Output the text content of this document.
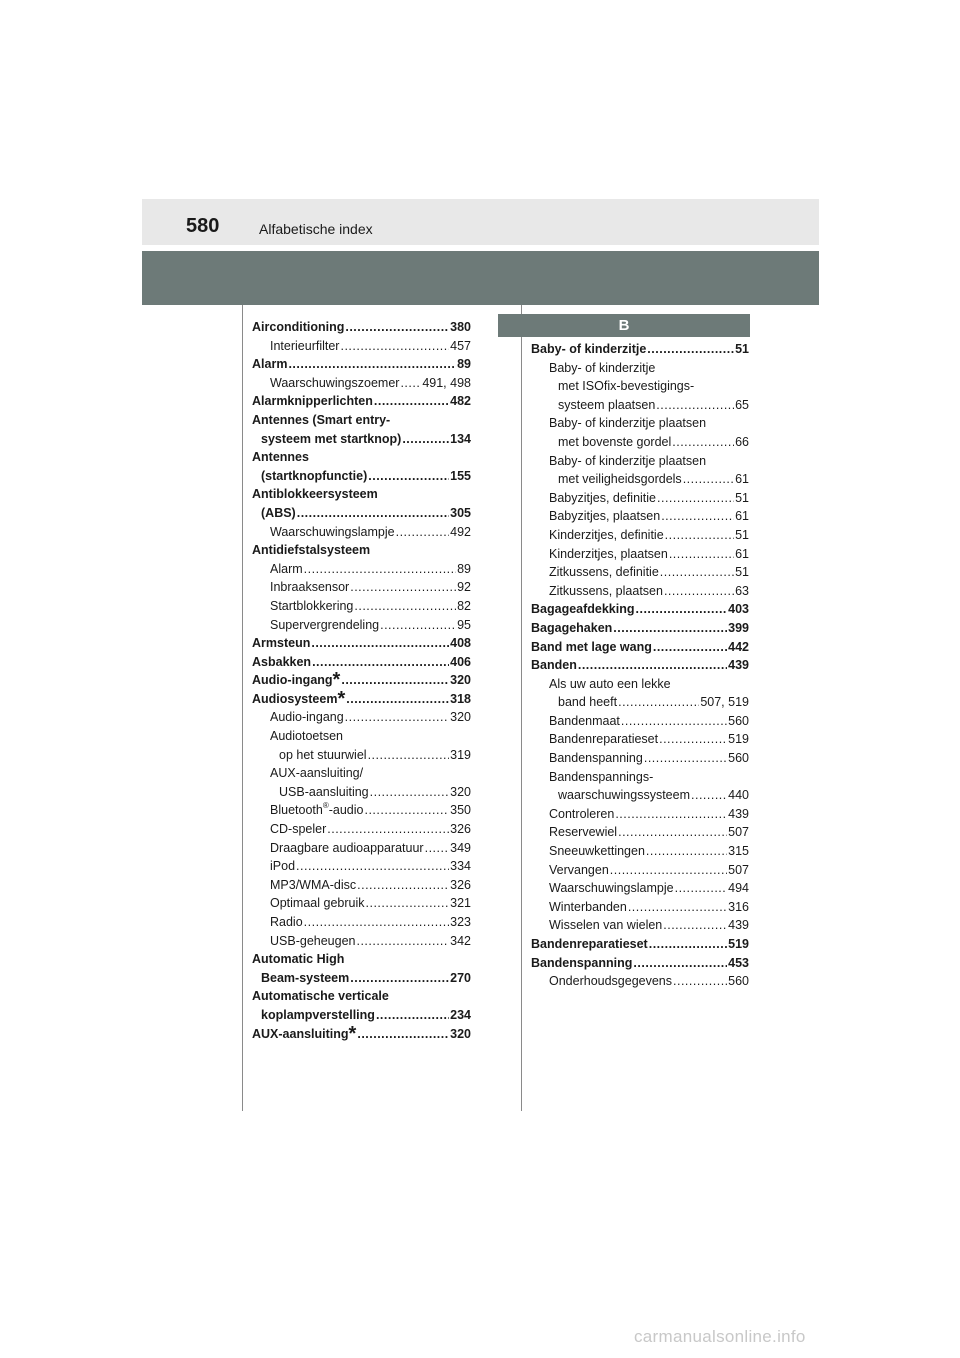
580	Alfabetische index
Airconditioning .....	380
Interieurfilter .....	457
Alarm .....	89
Waarschuwingszoemer ..... 491, 498
Alarmknipperlichten .....	482
Antennes (Smart entry-
systeem met startknop) .....	134
Antennes
(startknopfunctie) .....	155
Antiblokkeersysteem
(ABS) .....	305
Waarschuwingslampje .....	492
Antidiefstalsysteem
Alarm .....	89
Inbraaksensor .....	92
Startblokkering .....	82
Supervergrendeling .....	95
Armsteun .....	408
Asbakken .....	406
Audio-ingang* .....	320
Audiosysteem* .....	318
Audio-ingang .....	320
Audiotoetsen
op het stuurwiel .....	319
AUX-aansluiting/
USB-aansluiting .....	320
Bluetooth®-audio .....	350
CD-speler .....	326
Draagbare audioapparatuur ..... 349
iPod .....	334
MP3/WMA-disc .....	326
Optimaal gebruik .....	321
Radio .....	323
USB-geheugen .....	342
Automatic High
Beam-systeem .....	270
Automatische verticale
koplampverstelling .....	234
AUX-aansluiting* .....	320
B
Baby- of kinderzitje .....	51
Baby- of kinderzitje
met ISOfix-bevestigings-
systeem plaatsen .....	65
Baby- of kinderzitje plaatsen
met bovenste gordel .....	66
Baby- of kinderzitje plaatsen
met veiligheidsgordels .....	61
Babyzitjes, definitie .....	51
Babyzitjes, plaatsen .....	61
Kinderzitjes, definitie .....	51
Kinderzitjes, plaatsen .....	61
Zitkussens, definitie .....	51
Zitkussens, plaatsen .....	63
Bagageafdekking .....	403
Bagagehaken .....	399
Band met lage wang .....	442
Banden .....	439
Als uw auto een lekke
band heeft .....	507, 519
Bandenmaat .....	560
Bandenreparatieset .....	519
Bandenspanning .....	560
Bandenspannings-
waarschuwingssysteem .....	440
Controleren .....	439
Reservewiel .....	507
Sneeuwkettingen .....	315
Vervangen .....	507
Waarschuwingslampje .....	494
Winterbanden .....	316
Wisselen van wielen .....	439
Bandenreparatieset .....	519
Bandenspanning .....	453
Onderhoudsgegevens .....	560
carmanualsonline.info
